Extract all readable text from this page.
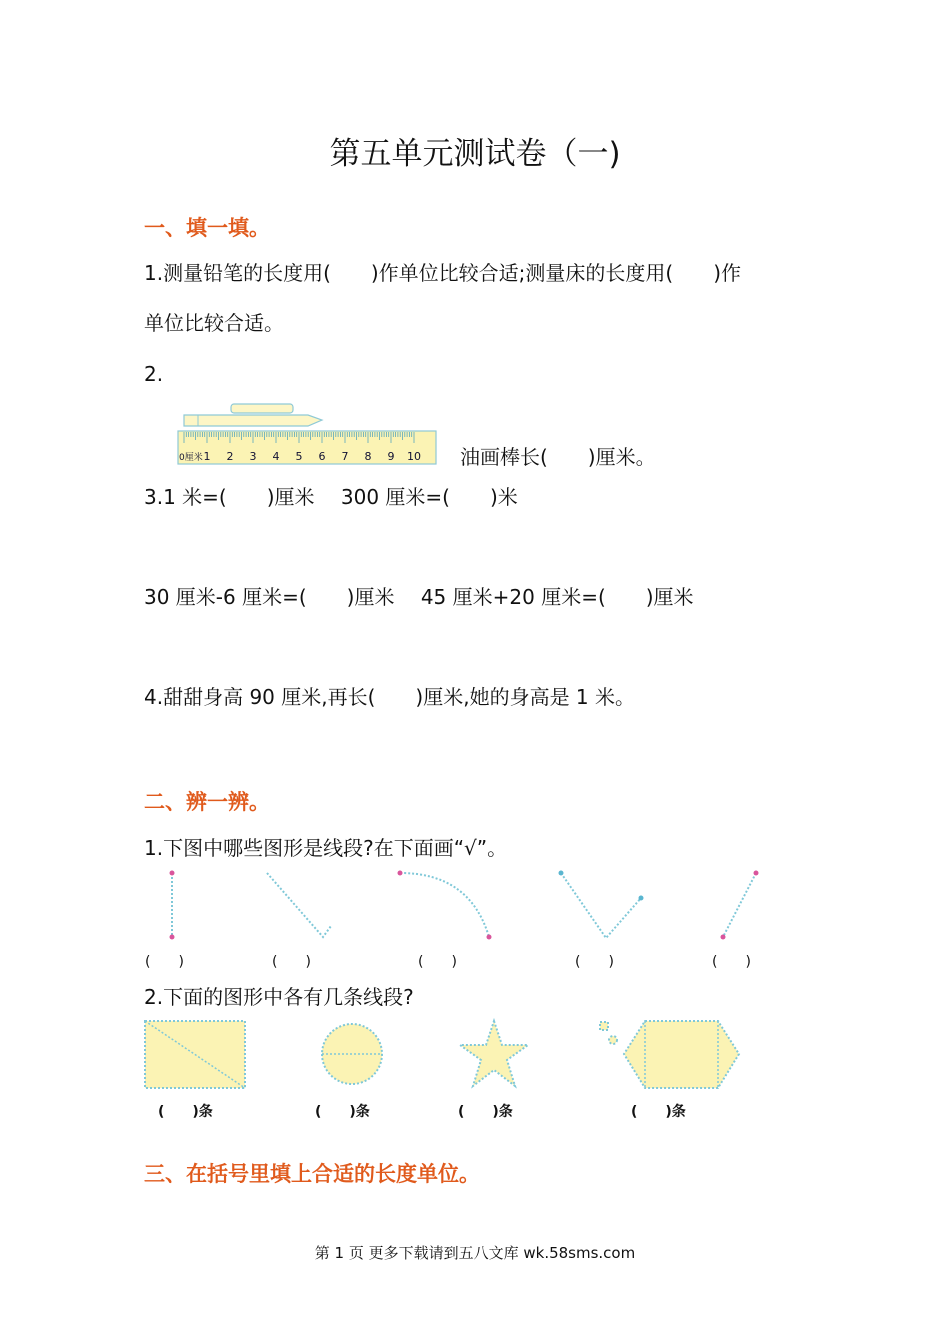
第五单元测试卷（一)
一、填一填。
1.测量铅笔的长度用(　　)作单位比较合适;测量床的长度用(　　)作
单位比较合适。
2.
0厘米 1 2 3 4 5 6 7 8 9 10 油画棒长(　　)厘米。
3.1 米=(　　)厘米　 300 厘米=(　　)米
30 厘米-6 厘米=(　　)厘米　 45 厘米+20 厘米=(　　)厘米
4.甜甜身高 90 厘米,再长(　　)厘米,她的身高是 1 米。
二、辨一辨。
1.下图中哪些图形是线段?在下面画“√”。
(　　)	(　　)	(　　)	(　　)	(　　)
2.下面的图形中各有几条线段?
(　　)条	(　　)条	(　　)条	(　　)条
三、在括号里填上合适的长度单位。
第 1 页 更多下载请到五八文库 wk.58sms.com
